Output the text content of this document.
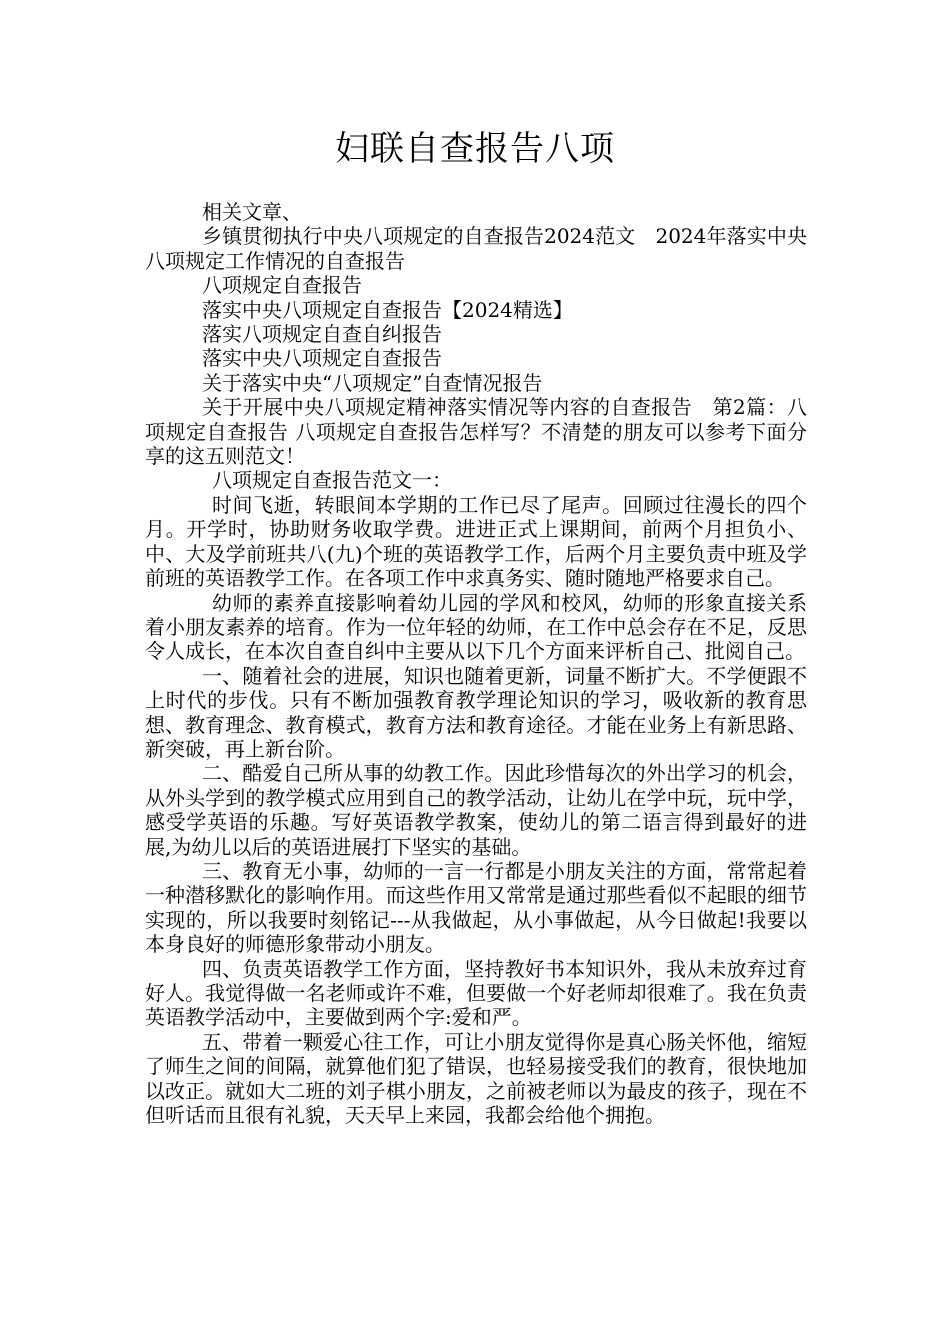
妇联自查报告八项

相关文章、

乡镇贯彻执行中央八项规定的自查报告2024范文　2024年落实中央八项规定工作情况的自查报告

八项规定自查报告

落实中央八项规定自查报告【2024精选】

落实八项规定自查自纠报告

落实中央八项规定自查报告

关于落实中央“八项规定”自查情况报告

关于开展中央八项规定精神落实情况等内容的自查报告　第2篇：八项规定自查报告 八项规定自查报告怎样写？不清楚的朋友可以参考下面分享的这五则范文！

八项规定自查报告范文一：

时间飞逝，转眼间本学期的工作已尽了尾声。回顾过往漫长的四个月。开学时，协助财务收取学费。进进正式上课期间，前两个月担负小、中、大及学前班共八(九)个班的英语教学工作，后两个月主要负责中班及学前班的英语教学工作。在各项工作中求真务实、随时随地严格要求自己。

幼师的素养直接影响着幼儿园的学风和校风，幼师的形象直接关系着小朋友素养的培育。作为一位年轻的幼师，在工作中总会存在不足，反思令人成长，在本次自查自纠中主要从以下几个方面来评析自己、批阅自己。

一、随着社会的进展，知识也随着更新，词量不断扩大。不学便跟不上时代的步伐。只有不断加强教育教学理论知识的学习，吸收新的教育思想、教育理念、教育模式，教育方法和教育途径。才能在业务上有新思路、新突破，再上新台阶。

二、酷爱自己所从事的幼教工作。因此珍惜每次的外出学习的机会，从外头学到的教学模式应用到自己的教学活动，让幼儿在学中玩，玩中学，感受学英语的乐趣。写好英语教学教案，使幼儿的第二语言得到最好的进展,为幼儿以后的英语进展打下坚实的基础。

三、教育无小事，幼师的一言一行都是小朋友关注的方面，常常起着一种潜移默化的影响作用。而这些作用又常常是通过那些看似不起眼的细节实现的，所以我要时刻铭记---从我做起，从小事做起，从今日做起!我要以本身良好的师德形象带动小朋友。

四、负责英语教学工作方面，坚持教好书本知识外，我从未放弃过育好人。我觉得做一名老师或许不难，但要做一个好老师却很难了。我在负责英语教学活动中，主要做到两个字:爱和严。

五、带着一颗爱心往工作，可让小朋友觉得你是真心肠关怀他，缩短了师生之间的间隔，就算他们犯了错误，也轻易接受我们的教育，很快地加以改正。就如大二班的刘子棋小朋友，之前被老师以为最皮的孩子，现在不但听话而且很有礼貌，天天早上来园，我都会给他个拥抱。
